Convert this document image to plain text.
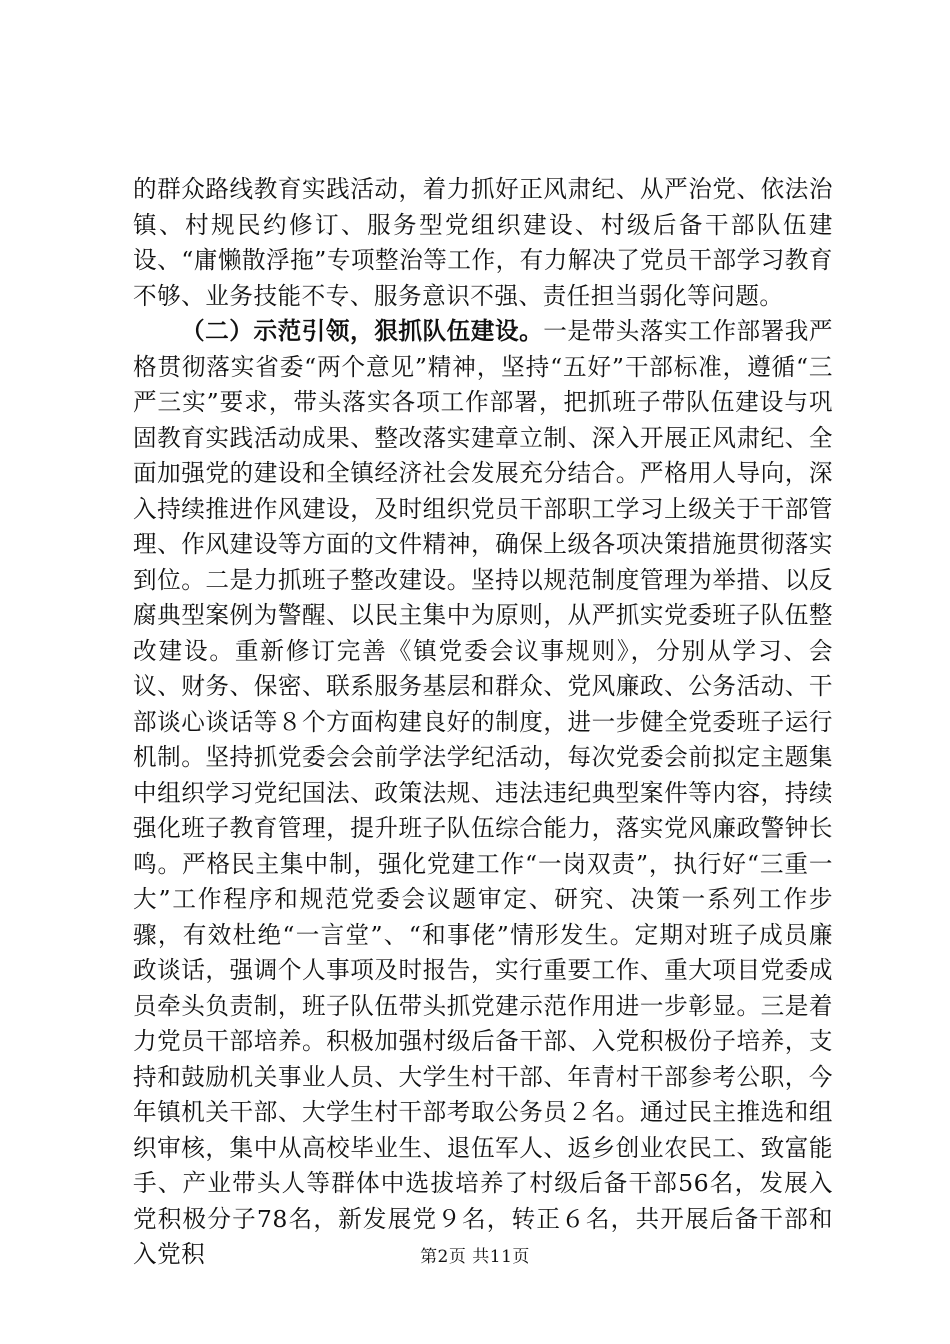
的群众路线教育实践活动，着力抓好正风肃纪、从严治党、依法治镇、村规民约修订、服务型党组织建设、村级后备干部队伍建设、“庸懒散浮拖”专项整治等工作，有力解决了党员干部学习教育不够、业务技能不专、服务意识不强、责任担当弱化等问题。

（二）示范引领，狠抓队伍建设。一是带头落实工作部署我严格贯彻落实省委“两个意见”精神，坚持“五好”干部标准，遵循“三严三实”要求，带头落实各项工作部署，把抓班子带队伍建设与巩固教育实践活动成果、整改落实建章立制、深入开展正风肃纪、全面加强党的建设和全镇经济社会发展充分结合。严格用人导向，深入持续推进作风建设，及时组织党员干部职工学习上级关于干部管理、作风建设等方面的文件精神，确保上级各项决策措施贯彻落实到位。二是力抓班子整改建设。坚持以规范制度管理为举措、以反腐典型案例为警醒、以民主集中为原则，从严抓实党委班子队伍整改建设。重新修订完善《镇党委会议事规则》，分别从学习、会议、财务、保密、联系服务基层和群众、党风廉政、公务活动、干部谈心谈话等８个方面构建良好的制度，进一步健全党委班子运行机制。坚持抓党委会会前学法学纪活动，每次党委会前拟定主题集中组织学习党纪国法、政策法规、违法违纪典型案件等内容，持续强化班子教育管理，提升班子队伍综合能力，落实党风廉政警钟长鸣。严格民主集中制，强化党建工作“一岗双责”，执行好“三重一大”工作程序和规范党委会议题审定、研究、决策一系列工作步骤，有效杜绝“一言堂”、“和事佬”情形发生。定期对班子成员廉政谈话，强调个人事项及时报告，实行重要工作、重大项目党委成员牵头负责制，班子队伍带头抓党建示范作用进一步彰显。三是着力党员干部培养。积极加强村级后备干部、入党积极份子培养，支持和鼓励机关事业人员、大学生村干部、年青村干部参考公职，今年镇机关干部、大学生村干部考取公务员２名。通过民主推选和组织审核，集中从高校毕业生、退伍军人、返乡创业农民工、致富能手、产业带头人等群体中选拔培养了村级后备干部56名，发展入党积极分子78名，新发展党９名，转正６名，共开展后备干部和入党积	第2页 共11页
